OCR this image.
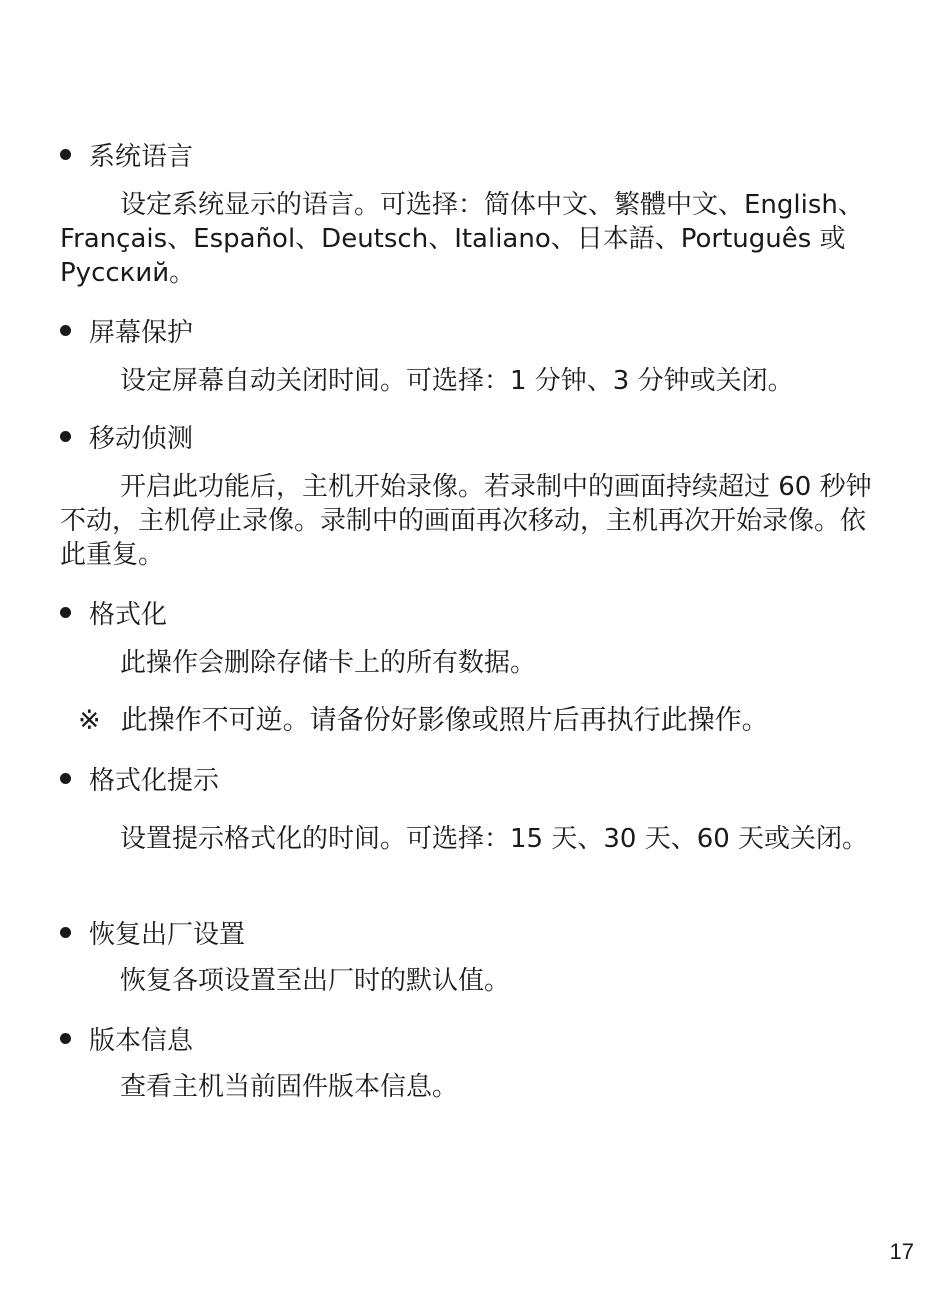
系统语言

设定系统显示的语言。可选择：简体中文、繁體中文、English、Français、Español、Deutsch、Italiano、日本語、Português 或 Русский。

屏幕保护

设定屏幕自动关闭时间。可选择：1 分钟、3 分钟或关闭。

移动侦测

开启此功能后，主机开始录像。若录制中的画面持续超过 60 秒钟不动，主机停止录像。录制中的画面再次移动，主机再次开始录像。依此重复。

格式化

此操作会删除存储卡上的所有数据。

※ 此操作不可逆。请备份好影像或照片后再执行此操作。
格式化提示

设置提示格式化的时间。可选择：15 天、30 天、60 天或关闭。

恢复出厂设置

恢复各项设置至出厂时的默认值。

版本信息

查看主机当前固件版本信息。

17
